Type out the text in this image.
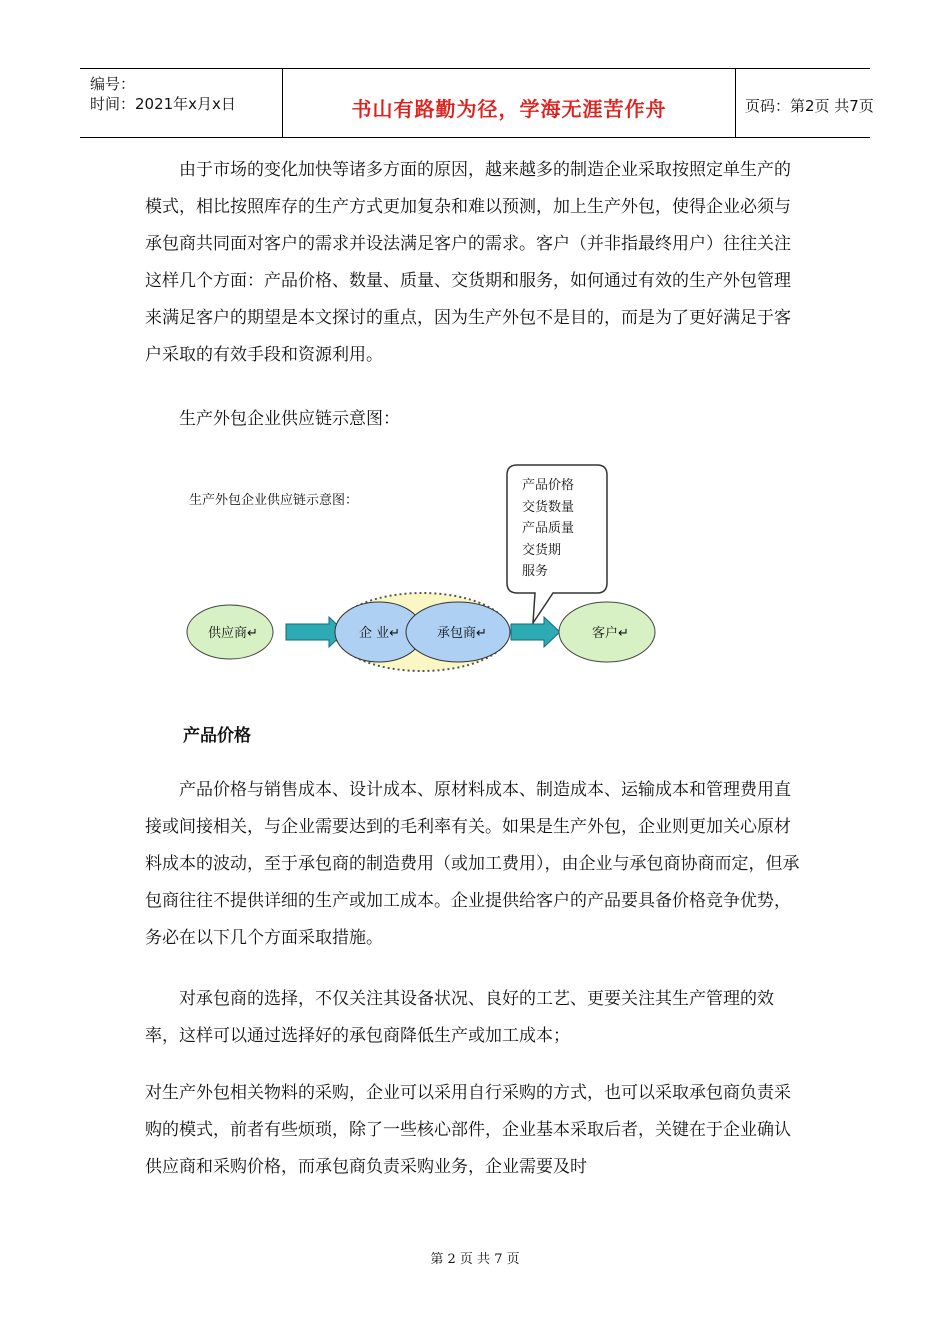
编号：
时间：2021年x月x日	书山有路勤为径，学海无涯苦作舟	页码：第2页 共7页

由于市场的变化加快等诸多方面的原因，越来越多的制造企业采取按照定单生产的模式，相比按照库存的生产方式更加复杂和难以预测，加上生产外包，使得企业必须与承包商共同面对客户的需求并设法满足客户的需求。客户（并非指最终用户）往往关注这样几个方面：产品价格、数量、质量、交货期和服务，如何通过有效的生产外包管理来满足客户的期望是本文探讨的重点，因为生产外包不是目的，而是为了更好满足于客户采取的有效手段和资源利用。

生产外包企业供应链示意图：

生产外包企业供应链示意图：
产品价格
交货数量
产品质量
交货期
服务
供应商↵	企 业↵	承包商↵	客户↵
产品价格

产品价格与销售成本、设计成本、原材料成本、制造成本、运输成本和管理费用直接或间接相关，与企业需要达到的毛利率有关。如果是生产外包，企业则更加关心原材料成本的波动，至于承包商的制造费用（或加工费用），由企业与承包商协商而定，但承包商往往不提供详细的生产或加工成本。企业提供给客户的产品要具备价格竞争优势，务必在以下几个方面采取措施。

对承包商的选择，不仅关注其设备状况、良好的工艺、更要关注其生产管理的效率，这样可以通过选择好的承包商降低生产或加工成本；

对生产外包相关物料的采购，企业可以采用自行采购的方式，也可以采取承包商负责采购的模式，前者有些烦琐，除了一些核心部件，企业基本采取后者，关键在于企业确认供应商和采购价格，而承包商负责采购业务，企业需要及时

第 2 页 共 7 页
